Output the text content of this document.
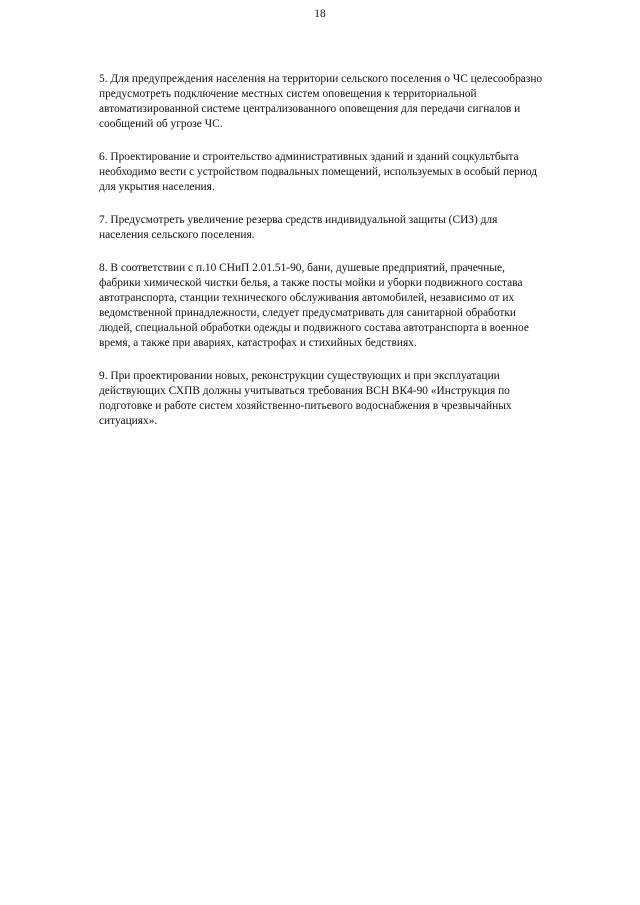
18

5. Для предупреждения населения на территории сельского поселения о ЧС целесообразно
предусмотреть подключение местных систем оповещения к территориальной
автоматизированной системе централизованного оповещения для передачи сигналов и
сообщений об угрозе ЧС.

6. Проектирование и строительство административных зданий и зданий соцкультбыта
необходимо вести с устройством подвальных помещений, используемых в особый период
для укрытия населения.

7. Предусмотреть увеличение резерва средств индивидуальной защиты (СИЗ) для
населения сельского поселения.

8. В соответствии с п.10 СНиП 2.01.51-90, бани, душевые предприятий, прачечные,
фабрики химической чистки белья, а также посты мойки и уборки подвижного состава
автотранспорта, станции технического обслуживания автомобилей, независимо от их
ведомственной принадлежности, следует предусматривать для санитарной обработки
людей, специальной обработки одежды и подвижного состава автотранспорта в военное
время, а также при авариях, катастрофах и стихийных бедствиях.

9. При проектировании новых, реконструкции существующих и при эксплуатации
действующих СХПВ должны учитываться требования ВСН ВК4-90 «Инструкция по
подготовке и работе систем хозяйственно-питьевого водоснабжения в чрезвычайных
ситуациях».
